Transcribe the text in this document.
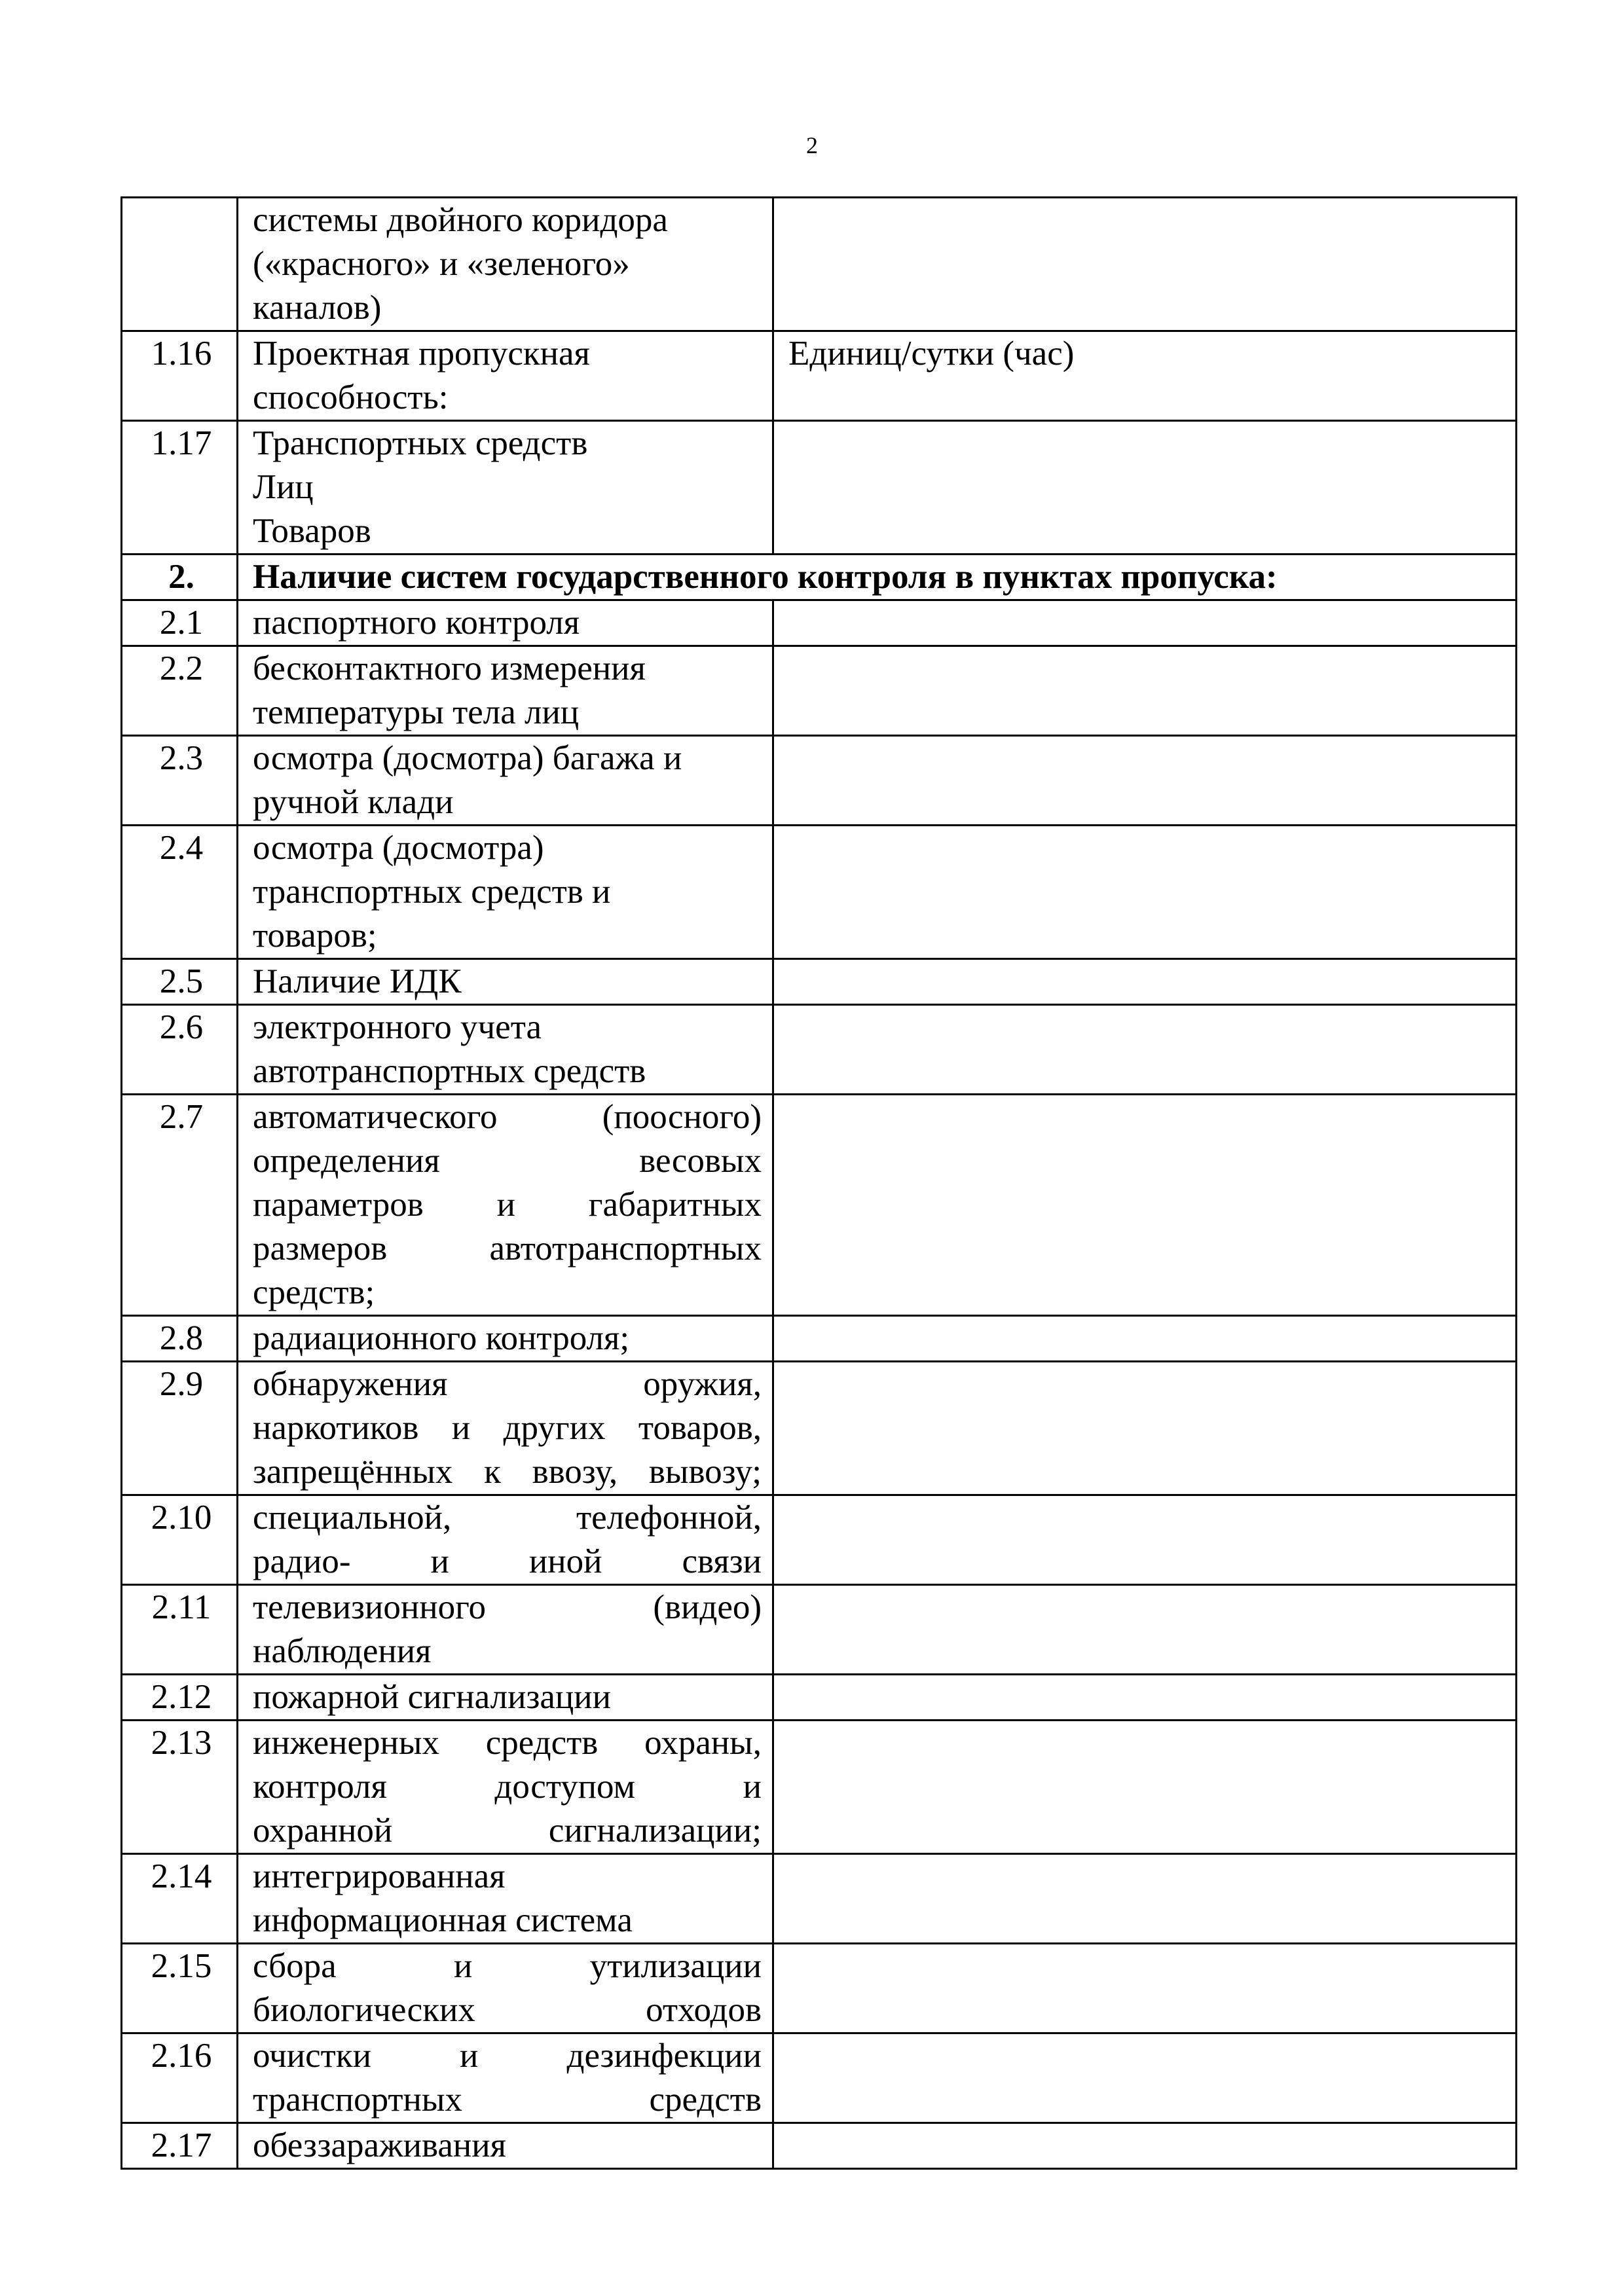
2

	системы двойного коридора
(«красного» и «зеленого»
каналов)	

1.16	Проектная пропускная
способность:	Единиц/сутки (час)
1.17	Транспортных средств
Лиц
Товаров	

2.	Наличие систем государственного контроля в пунктах пропуска:	
2.1	паспортного контроля	

2.2	бесконтактного измерения
температуры тела лиц	

2.3	осмотра (досмотра) багажа и
ручной клади	

2.4	осмотра (досмотра)
транспортных средств и
товаров;	

2.5	Наличие ИДК	

2.6	электронного учета
автотранспортных средств	

2.7	автоматического (поосного)
определения весовых
параметров и габаритных
размеров автотранспортных
средств;	

2.8	радиационного контроля;	

2.9	обнаружения оружия,
наркотиков и других товаров,
запрещённых к ввозу, вывозу;	

2.10	специальной, телефонной,
радио- и иной связи	

2.11	телевизионного (видео)
наблюдения	

2.12	пожарной сигнализации	

2.13	инженерных средств охраны,
контроля доступом и
охранной сигнализации;	

2.14	интегрированная
информационная система	

2.15	сбора и утилизации
биологических отходов	

2.16	очистки и дезинфекции
транспортных средств	

2.17	обеззараживания	
